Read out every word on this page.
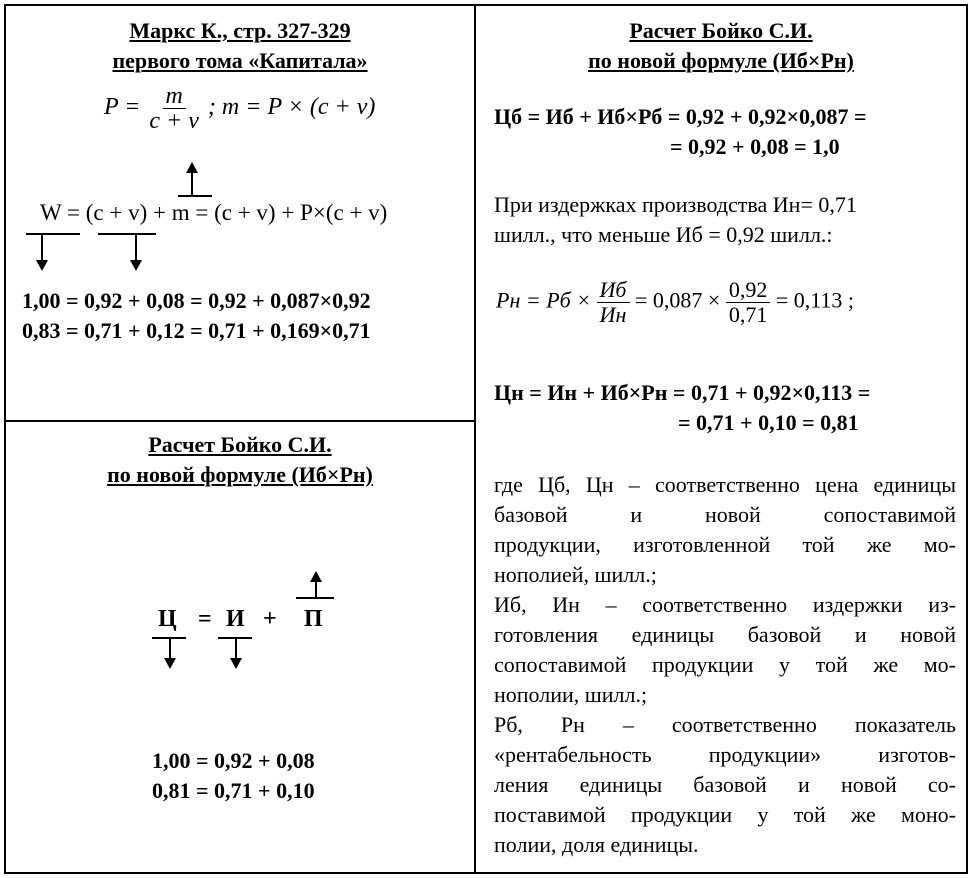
Маркс К., стр. 327-329
первого тома «Капитала»
$P = \frac{m}{c + v}$ ; m = P × (c + v)
W = (c + v) + m = (c + v) + P×(c + v)
1,00 = 0,92 + 0,08 = 0,92 + 0,087×0,92
0,83 = 0,71 + 0,12 = 0,71 + 0,169×0,71
Расчет Бойко С.И.
по новой формуле (Иб×Рн)
Ц = И + П
1,00 = 0,92 + 0,08
0,81 = 0,71 + 0,10
Расчет Бойко С.И.
по новой формуле (Иб×Рн)
Цб = Иб + Иб×Рб = 0,92 + 0,92×0,087 =
= 0,92 + 0,08 = 1,0
При издержках производства Ин= 0,71
шилл., что меньше Иб = 0,92 шилл.:
Рн = Рб × $\frac{Иб}{Ин} = 0,087 \times \frac{0,92}{0,71} = 0,113$ ;
Цн = Ин + Иб×Рн = 0,71 + 0,92×0,113 =
= 0,71 + 0,10 = 0,81
где Цб, Цн – соответственно цена единицы
базовой и новой сопоставимой
продукции, изготовленной той же мо-
нополией, шилл.;
Иб, Ин – соответственно издержки из-
готовления единицы базовой и новой
сопоставимой продукции у той же мо-
нополии, шилл.;
Рб, Рн – соответственно показатель
«рентабельность продукции» изготов-
ления единицы базовой и новой со-
поставимой продукции у той же моно-
полии, доля единицы.
